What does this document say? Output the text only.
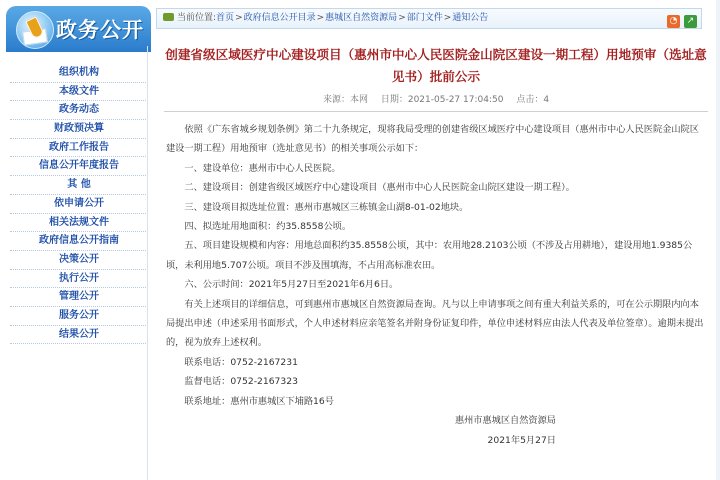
政务公开
组织机构
本级文件
政务动态
财政预决算
政府工作报告
信息公开年度报告
其 他
依申请公开
相关法规文件
政府信息公开指南
决策公开
执行公开
管理公开
服务公开
结果公开
当前位置:首页>政府信息公开目录>惠城区自然资源局>部门文件>通知公告	◔ ↗
创建省级区域医疗中心建设项目（惠州市中心人民医院金山院区建设一期工程）用地预审（选址意见书）批前公示
来源：本网 日期：2021-05-27 17:04:50 点击：4

依照《广东省城乡规划条例》第二十九条规定，现将我局受理的创建省级区域医疗中心建设项目（惠州市中心人民医院金山院区建设一期工程）用地预审（选址意见书）的相关事项公示如下：

一、建设单位：惠州市中心人民医院。

二、建设项目：创建省级区域医疗中心建设项目（惠州市中心人民医院金山院区建设一期工程）。

三、建设项目拟选址位置：惠州市惠城区三栋镇金山湖8-01-02地块。

四、拟选址用地面积：约35.8558公顷。

五、项目建设规模和内容：用地总面积约35.8558公顷，其中：农用地28.2103公顷（不涉及占用耕地），建设用地1.9385公顷，未利用地5.707公顷。项目不涉及围填海，不占用高标准农田。

六、公示时间：2021年5月27日至2021年6月6日。

有关上述项目的详细信息，可到惠州市惠城区自然资源局查询。凡与以上申请事项之间有重大利益关系的，可在公示期限内向本局提出申述（申述采用书面形式，个人申述材料应亲笔签名并附身份证复印件，单位申述材料应由法人代表及单位签章）。逾期未提出的，视为放弃上述权利。

联系电话：0752-2167231

监督电话：0752-2167323

联系地址：惠州市惠城区下埔路16号

惠州市惠城区自然资源局

2021年5月27日
